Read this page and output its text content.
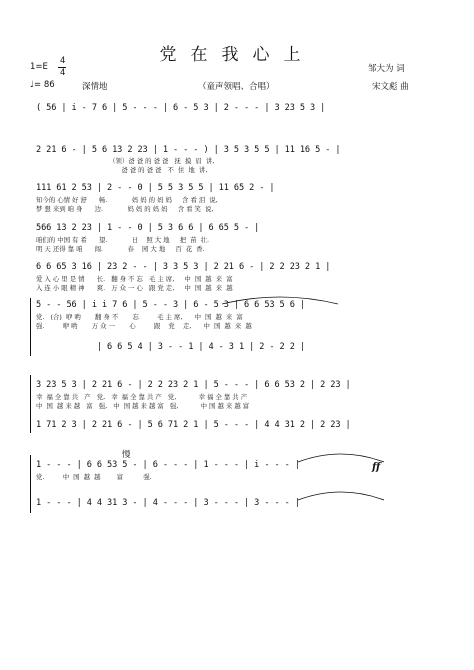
党在我心上
1=E
4
4
♩= 86	深情地	（童声领唱、合唱）
邹大为 词
宋文彪 曲
( 56 | i - 7 6 | 5 - - - | 6 - 5 3 | 2 - - - | 3 23 5 3 |
2 21 6 - | 5 6 13 2 23 | 1 - - - ) | 3 5 3 5 5 | 11 16 5 - |
（领）爸 爸 的 爸 爸   抚  摸  眉  讲,
爸 爸 的 爸 爸   不  住  地  讲,
111 61 2 53 | 2 - - 0 | 5 5 3 5 5 | 11 65 2 - |
知今的 心情 好 舒      畅.            妈 妈 的 妈 妈     含 看 泪  说,
梦 想 来到 咱 身      边.            妈 妈 的 妈 妈     含 看 笑  说,
566 13 2 23 | 1 - - 0 | 5 3 6 6 | 6 65 5 - |
咱们的 中国 有 希      望.            日    照 大 地     把  苗  壮.
明 天 还得 靠 咱      闯.            春    园 大 地     百  花  香.
6 6 65 3 16 | 23 2 - - | 3 3 5 3 | 2 21 6 - | 2 2 23 2 1 |
爱 入 心 里 是 情      长.   翻 身 不 忘   毛 主 席,     中  国  越  来  富
入 连 小 眼 精 神      爽.   万 众 一 心   跟 党 走,     中  国  越  来  越
5 - - 56 | i i 7 6 | 5 - - 3 | 6 - 5 3 | 6 6 53 5 6 |
党.   (合)  咿 哟       翻 身 不       忘         毛 主 席,      中  国  越  来  富
强.         咿 哟       万 众 一       心         跟    党    走,      中  国  越  来  越
| 6 6 5 4 | 3 - - 1 | 4 - 3 1 | 2 - 2 2 |
3 23 5 3 | 2 21 6 - | 2 2 23 2 1 | 5 - - - | 6 6 53 2 | 2 23 |
幸  福 全 靠 共   产   党,   幸  福 全 靠 共 产   党,           幸 福 全 靠 共 产
中  国  越 来 越   富   强,   中  国 越 来 越 富   强,           中 国 越 来 越 富
1 71 2 3 | 2 21 6 - | 5 6 71 2 1 | 5 - - - | 4 4 31 2 | 2 23 |
慢
1 - - - | 6 6 53 5 - | 6 - - - | 1 - - - | i - - - |
党.         中  国  越  越        富          强.
ff
1 - - - | 4 4 31 3 - | 4 - - - | 3 - - - | 3 - - - |
